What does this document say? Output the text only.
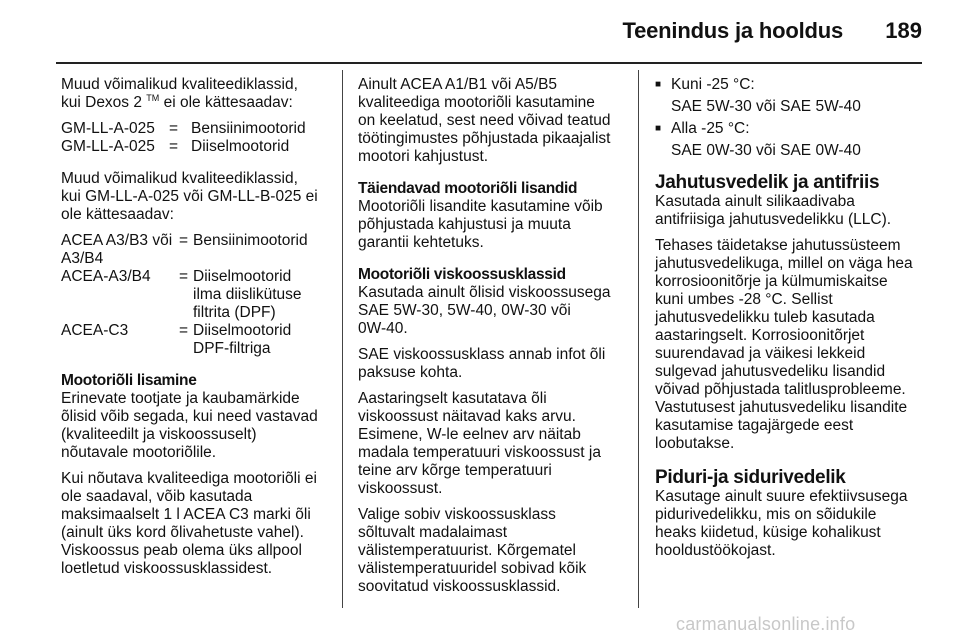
Teenindus ja hooldus 189
Muud võimalikud kvaliteediklassid,
kui Dexos 2 ™ ei ole kättesaadav:
GM-LL-A-025 = Bensiinimootorid
GM-LL-A-025 = Diiselmootorid
Muud võimalikud kvaliteediklassid,
kui GM-LL-A-025 või GM-LL-B-025 ei
ole kättesaadav:
ACEA A3/B3 või = Bensiinimootorid
A3/B4
ACEA-A3/B4	= Diiselmootorid
ilma diislikütuse
filtrita (DPF)
ACEA-C3	= Diiselmootorid
DPF-filtriga
Mootoriõli lisamine
Erinevate tootjate ja kaubamärkide
õlisid võib segada, kui need vastavad
(kvaliteedilt ja viskoossuselt)
nõutavale mootoriõlile.
Kui nõutava kvaliteediga mootoriõli ei
ole saadaval, võib kasutada
maksimaalselt 1 l ACEA C3 marki õli
(ainult üks kord õlivahetuste vahel).
Viskoossus peab olema üks allpool
loetletud viskoossusklassidest.
Ainult ACEA A1/B1 või A5/B5
kvaliteediga mootoriõli kasutamine
on keelatud, sest need võivad teatud
töötingimustes põhjustada pikaajalist
mootori kahjustust.
Täiendavad mootoriõli lisandid
Mootoriõli lisandite kasutamine võib
põhjustada kahjustusi ja muuta
garantii kehtetuks.
Mootoriõli viskoossusklassid
Kasutada ainult õlisid viskoossusega
SAE 5W-30, 5W-40, 0W-30 või
0W-40.
SAE viskoossusklass annab infot õli
paksuse kohta.
Aastaringselt kasutatava õli
viskoossust näitavad kaks arvu.
Esimene, W-le eelnev arv näitab
madala temperatuuri viskoossust ja
teine arv kõrge temperatuuri
viskoossust.
Valige sobiv viskoossusklass
sõltuvalt madalaimast
välistemperatuurist. Kõrgematel
välistemperatuuridel sobivad kõik
soovitatud viskoossusklassid.
■ Kuni -25 °C:
SAE 5W-30 või SAE 5W-40
■ Alla -25 °C:
SAE 0W-30 või SAE 0W-40
Jahutusvedelik ja antifriis
Kasutada ainult silikaadivaba
antifriisiga jahutusvedelikku (LLC).
Tehases täidetakse jahutussüsteem
jahutusvedelikuga, millel on väga hea
korrosioonitõrje ja külmumiskaitse
kuni umbes -28 °C. Sellist
jahutusvedelikku tuleb kasutada
aastaringselt. Korrosioonitõrjet
suurendavad ja väikesi lekkeid
sulgevad jahutusvedeliku lisandid
võivad põhjustada talitlusprobleeme.
Vastutusest jahutusvedeliku lisandite
kasutamise tagajärgede eest
loobutakse.
Piduri-ja sidurivedelik
Kasutage ainult suure efektiivsusega
pidurivedelikku, mis on sõidukile
heaks kiidetud, küsige kohalikust
hooldustöökojast.
carmanualsonline.info
